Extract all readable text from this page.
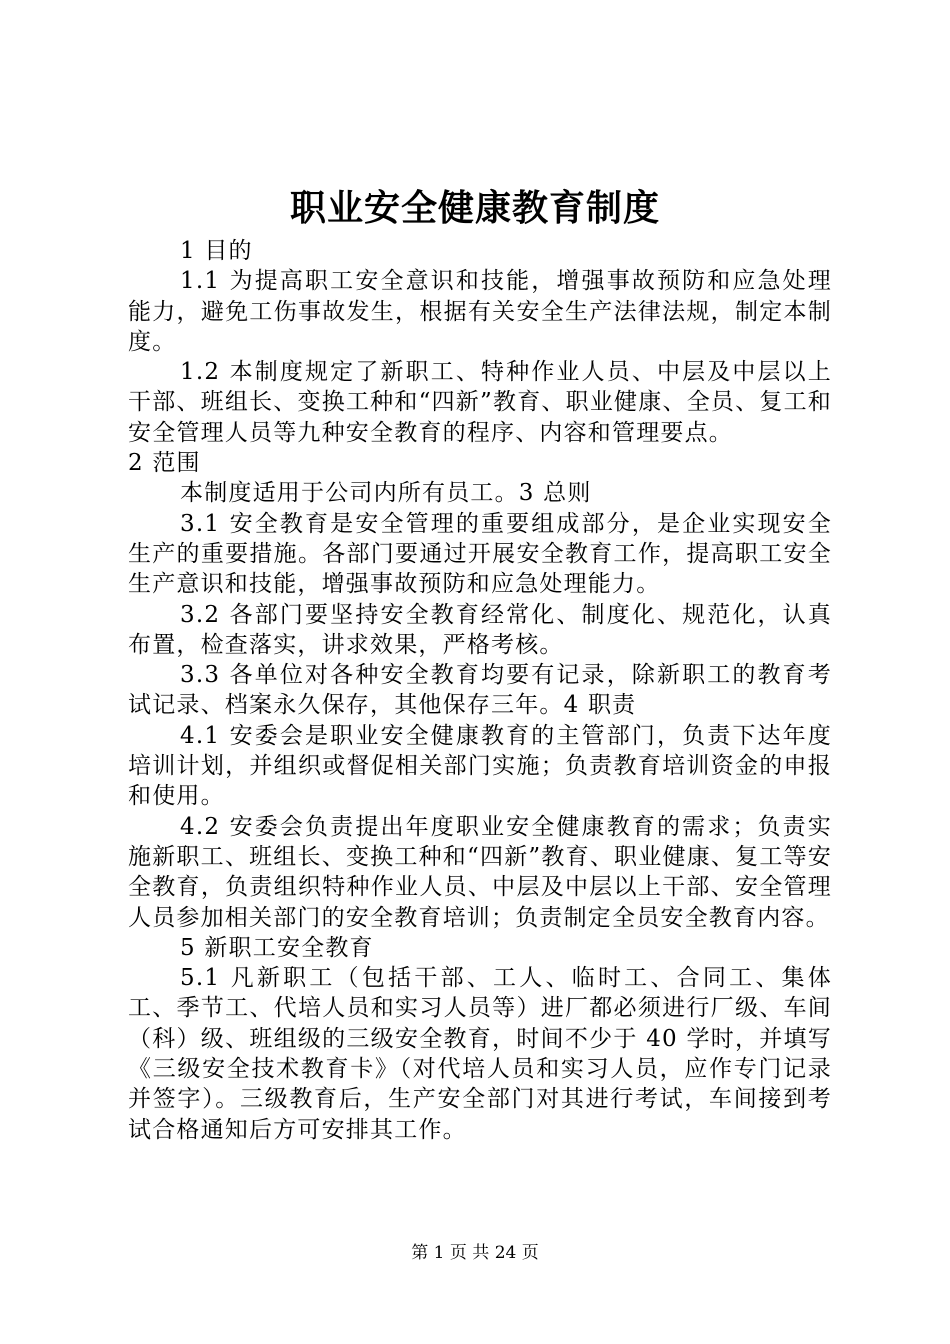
职业安全健康教育制度

1 目的

1.1 为提高职工安全意识和技能，增强事故预防和应急处理能力，避免工伤事故发生，根据有关安全生产法律法规，制定本制度。

1.2 本制度规定了新职工、特种作业人员、中层及中层以上干部、班组长、变换工种和“四新”教育、职业健康、全员、复工和安全管理人员等九种安全教育的程序、内容和管理要点。

2 范围

本制度适用于公司内所有员工。3 总则

3.1 安全教育是安全管理的重要组成部分，是企业实现安全生产的重要措施。各部门要通过开展安全教育工作，提高职工安全生产意识和技能，增强事故预防和应急处理能力。

3.2 各部门要坚持安全教育经常化、制度化、规范化，认真布置，检查落实，讲求效果，严格考核。

3.3 各单位对各种安全教育均要有记录，除新职工的教育考试记录、档案永久保存，其他保存三年。4 职责

4.1 安委会是职业安全健康教育的主管部门，负责下达年度培训计划，并组织或督促相关部门实施；负责教育培训资金的申报和使用。

4.2 安委会负责提出年度职业安全健康教育的需求；负责实施新职工、班组长、变换工种和“四新”教育、职业健康、复工等安全教育，负责组织特种作业人员、中层及中层以上干部、安全管理人员参加相关部门的安全教育培训；负责制定全员安全教育内容。

5 新职工安全教育

5.1 凡新职工（包括干部、工人、临时工、合同工、集体工、季节工、代培人员和实习人员等）进厂都必须进行厂级、车间（科）级、班组级的三级安全教育，时间不少于 40 学时，并填写《三级安全技术教育卡》（对代培人员和实习人员，应作专门记录并签字）。三级教育后，生产安全部门对其进行考试，车间接到考试合格通知后方可安排其工作。

第 1 页 共 24 页
